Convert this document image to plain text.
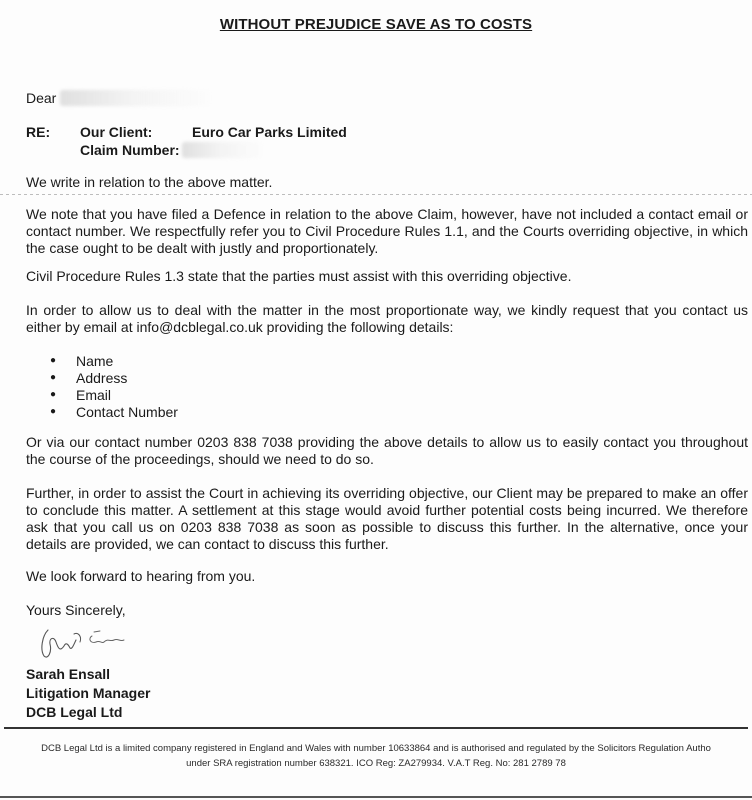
WITHOUT PREJUDICE SAVE AS TO COSTS
Dear
RE:	Our Client:	Euro Car Parks Limited
Claim Number:
We write in relation to the above matter.
We note that you have filed a Defence in relation to the above Claim, however, have not included a contact email or contact number. We respectfully refer you to Civil Procedure Rules 1.1, and the Courts overriding objective, in which the case ought to be dealt with justly and proportionately.
Civil Procedure Rules 1.3 state that the parties must assist with this overriding objective.
In order to allow us to deal with the matter in the most proportionate way, we kindly request that you contact us either by email at info@dcblegal.co.uk providing the following details:
●	Name
●	Address
●	Email
●	Contact Number
Or via our contact number 0203 838 7038 providing the above details to allow us to easily contact you throughout the course of the proceedings, should we need to do so.
Further, in order to assist the Court in achieving its overriding objective, our Client may be prepared to make an offer to conclude this matter. A settlement at this stage would avoid further potential costs being incurred. We therefore ask that you call us on 0203 838 7038 as soon as possible to discuss this further. In the alternative, once your details are provided, we can contact to discuss this further.
We look forward to hearing from you.
Yours Sincerely,
Sarah Ensall
Litigation Manager
DCB Legal Ltd
DCB Legal Ltd is a limited company registered in England and Wales with number 10633864 and is authorised and regulated by the Solicitors Regulation Autho
under SRA registration number 638321. ICO Reg: ZA279934. V.A.T Reg. No: 281 2789 78
